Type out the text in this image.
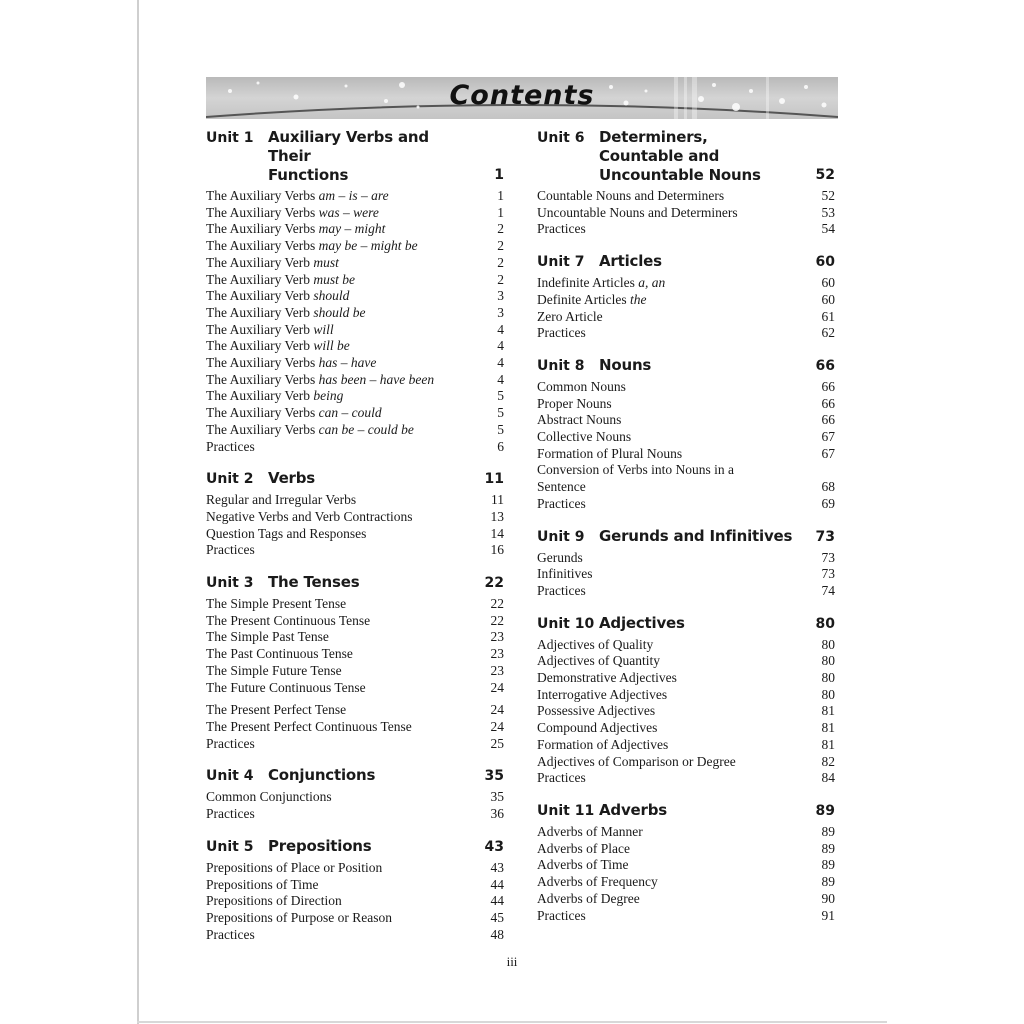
Contents
Unit 1 Auxiliary Verbs and Their
Functions	1
The Auxiliary Verbs am – is – are	1
The Auxiliary Verbs was – were	1
The Auxiliary Verbs may – might	2
The Auxiliary Verbs may be – might be	2
The Auxiliary Verb must	2
The Auxiliary Verb must be	2
The Auxiliary Verb should	3
The Auxiliary Verb should be	3
The Auxiliary Verb will	4
The Auxiliary Verb will be	4
The Auxiliary Verbs has – have	4
The Auxiliary Verbs has been – have been	4
The Auxiliary Verb being	5
The Auxiliary Verbs can – could	5
The Auxiliary Verbs can be – could be	5
Practices	6
Unit 2 Verbs	11
Regular and Irregular Verbs	11
Negative Verbs and Verb Contractions	13
Question Tags and Responses	14
Practices	16
Unit 3 The Tenses	22
The Simple Present Tense	22
The Present Continuous Tense	22
The Simple Past Tense	23
The Past Continuous Tense	23
The Simple Future Tense	23
The Future Continuous Tense	24
The Present Perfect Tense	24
The Present Perfect Continuous Tense	24
Practices	25
Unit 4 Conjunctions	35
Common Conjunctions	35
Practices	36
Unit 5 Prepositions	43
Prepositions of Place or Position	43
Prepositions of Time	44
Prepositions of Direction	44
Prepositions of Purpose or Reason	45
Practices	48
Unit 6 Determiners, Countable and
Uncountable Nouns	52
Countable Nouns and Determiners	52
Uncountable Nouns and Determiners	53
Practices	54
Unit 7 Articles	60
Indefinite Articles a, an	60
Definite Articles the	60
Zero Article	61
Practices	62
Unit 8 Nouns	66
Common Nouns	66
Proper Nouns	66
Abstract Nouns	66
Collective Nouns	67
Formation of Plural Nouns	67
Conversion of Verbs into Nouns in a
Sentence	68
Practices	69
Unit 9 Gerunds and Infinitives	73
Gerunds	73
Infinitives	73
Practices	74
Unit 10 Adjectives	80
Adjectives of Quality	80
Adjectives of Quantity	80
Demonstrative Adjectives	80
Interrogative Adjectives	80
Possessive Adjectives	81
Compound Adjectives	81
Formation of Adjectives	81
Adjectives of Comparison or Degree	82
Practices	84
Unit 11 Adverbs	89
Adverbs of Manner	89
Adverbs of Place	89
Adverbs of Time	89
Adverbs of Frequency	89
Adverbs of Degree	90
Practices	91
iii
